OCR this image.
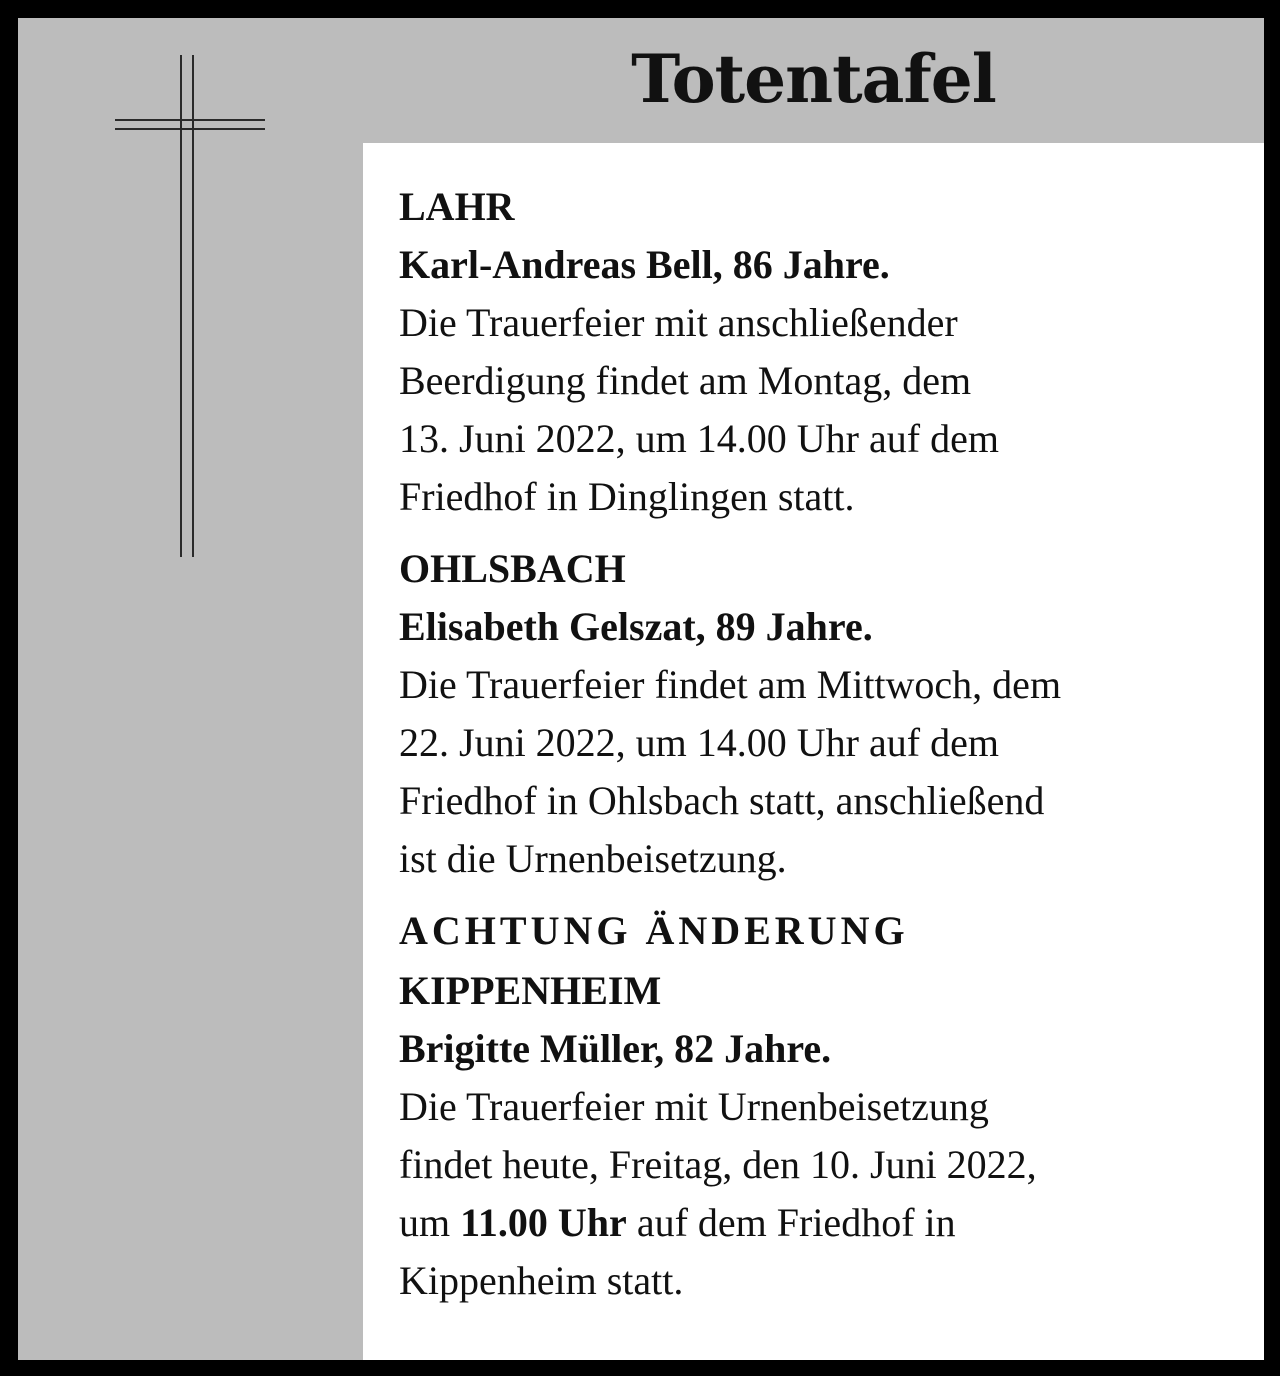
Totentafel
LAHR
Karl-Andreas Bell, 86 Jahre.
Die Trauerfeier mit anschließender
Beerdigung findet am Montag, dem
13. Juni 2022, um 14.00 Uhr auf dem
Friedhof in Dinglingen statt.
OHLSBACH
Elisabeth Gelszat, 89 Jahre.
Die Trauerfeier findet am Mittwoch, dem
22. Juni 2022, um 14.00 Uhr auf dem
Friedhof in Ohlsbach statt, anschließend
ist die Urnenbeisetzung.
ACHTUNG ÄNDERUNG
KIPPENHEIM
Brigitte Müller, 82 Jahre.
Die Trauerfeier mit Urnenbeisetzung
findet heute, Freitag, den 10. Juni 2022,
um 11.00 Uhr auf dem Friedhof in
Kippenheim statt.
